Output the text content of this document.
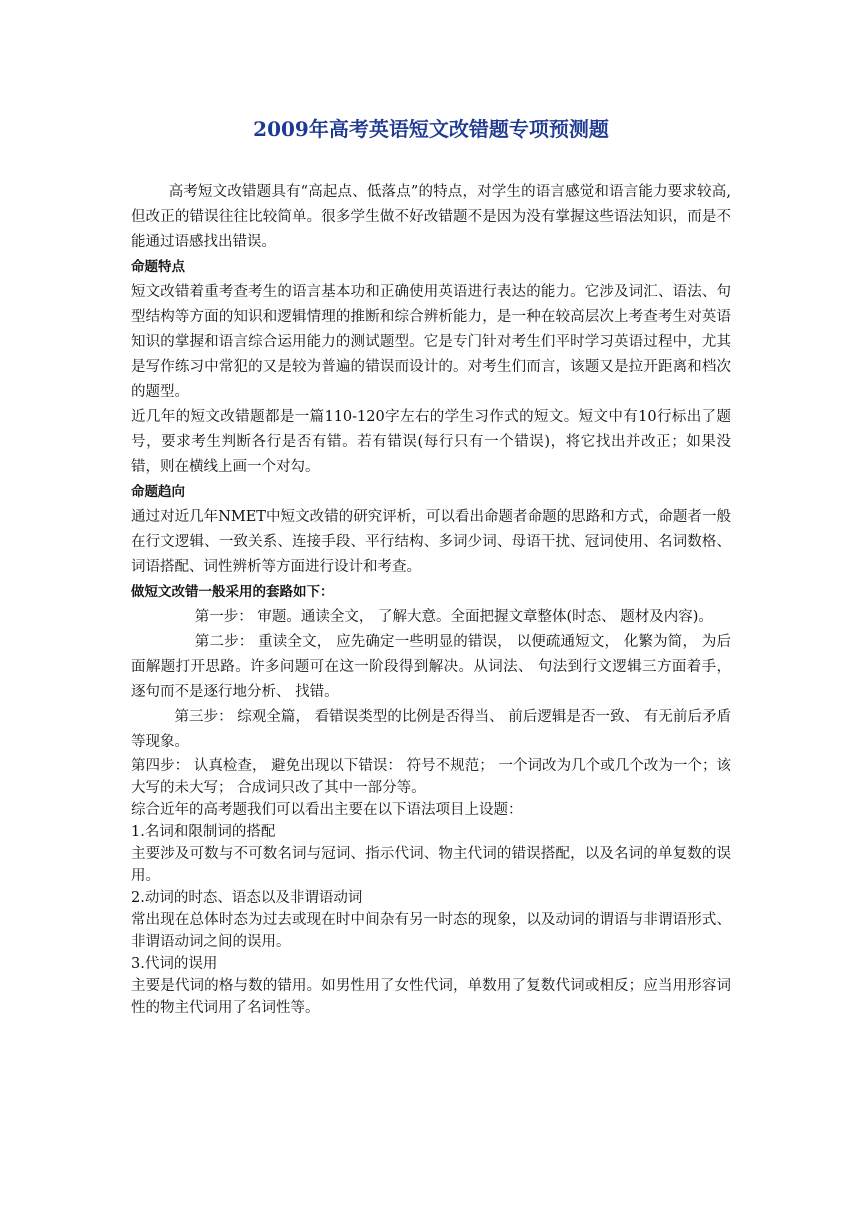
2009年高考英语短文改错题专项预测题

高考短文改错题具有“高起点、低落点”的特点，对学生的语言感觉和语言能力要求较高,但改正的错误往往比较简单。很多学生做不好改错题不是因为没有掌握这些语法知识，而是不能通过语感找出错误。

命题特点

短文改错着重考查考生的语言基本功和正确使用英语进行表达的能力。它涉及词汇、语法、句型结构等方面的知识和逻辑情理的推断和综合辨析能力，是一种在较高层次上考查考生对英语知识的掌握和语言综合运用能力的测试题型。它是专门针对考生们平时学习英语过程中，尤其是写作练习中常犯的又是较为普遍的错误而设计的。对考生们而言，该题又是拉开距离和档次的题型。

近几年的短文改错题都是一篇110-120字左右的学生习作式的短文。短文中有10行标出了题号，要求考生判断各行是否有错。若有错误(每行只有一个错误)，将它找出并改正；如果没错，则在横线上画一个对勾。

命题趋向

通过对近几年NMET中短文改错的研究评析，可以看出命题者命题的思路和方式，命题者一般在行文逻辑、一致关系、连接手段、平行结构、多词少词、母语干扰、冠词使用、名词数格、词语搭配、词性辨析等方面进行设计和考查。

做短文改错一般采用的套路如下：

第一步： 审题。通读全文， 了解大意。全面把握文章整体(时态、 题材及内容)。

第二步： 重读全文， 应先确定一些明显的错误， 以便疏通短文， 化繁为简， 为后面解题打开思路。许多问题可在这一阶段得到解决。从词法、 句法到行文逻辑三方面着手， 逐句而不是逐行地分析、 找错。

第三步： 综观全篇， 看错误类型的比例是否得当、 前后逻辑是否一致、 有无前后矛盾等现象。

第四步： 认真检查， 避免出现以下错误： 符号不规范； 一个词改为几个或几个改为一个；该大写的未大写； 合成词只改了其中一部分等。

综合近年的高考题我们可以看出主要在以下语法项目上设题：

1.名词和限制词的搭配

主要涉及可数与不可数名词与冠词、指示代词、物主代词的错误搭配，以及名词的单复数的误用。

2.动词的时态、语态以及非谓语动词

常出现在总体时态为过去或现在时中间杂有另一时态的现象，以及动词的谓语与非谓语形式、非谓语动词之间的误用。

3.代词的误用

主要是代词的格与数的错用。如男性用了女性代词，单数用了复数代词或相反；应当用形容词性的物主代词用了名词性等。
